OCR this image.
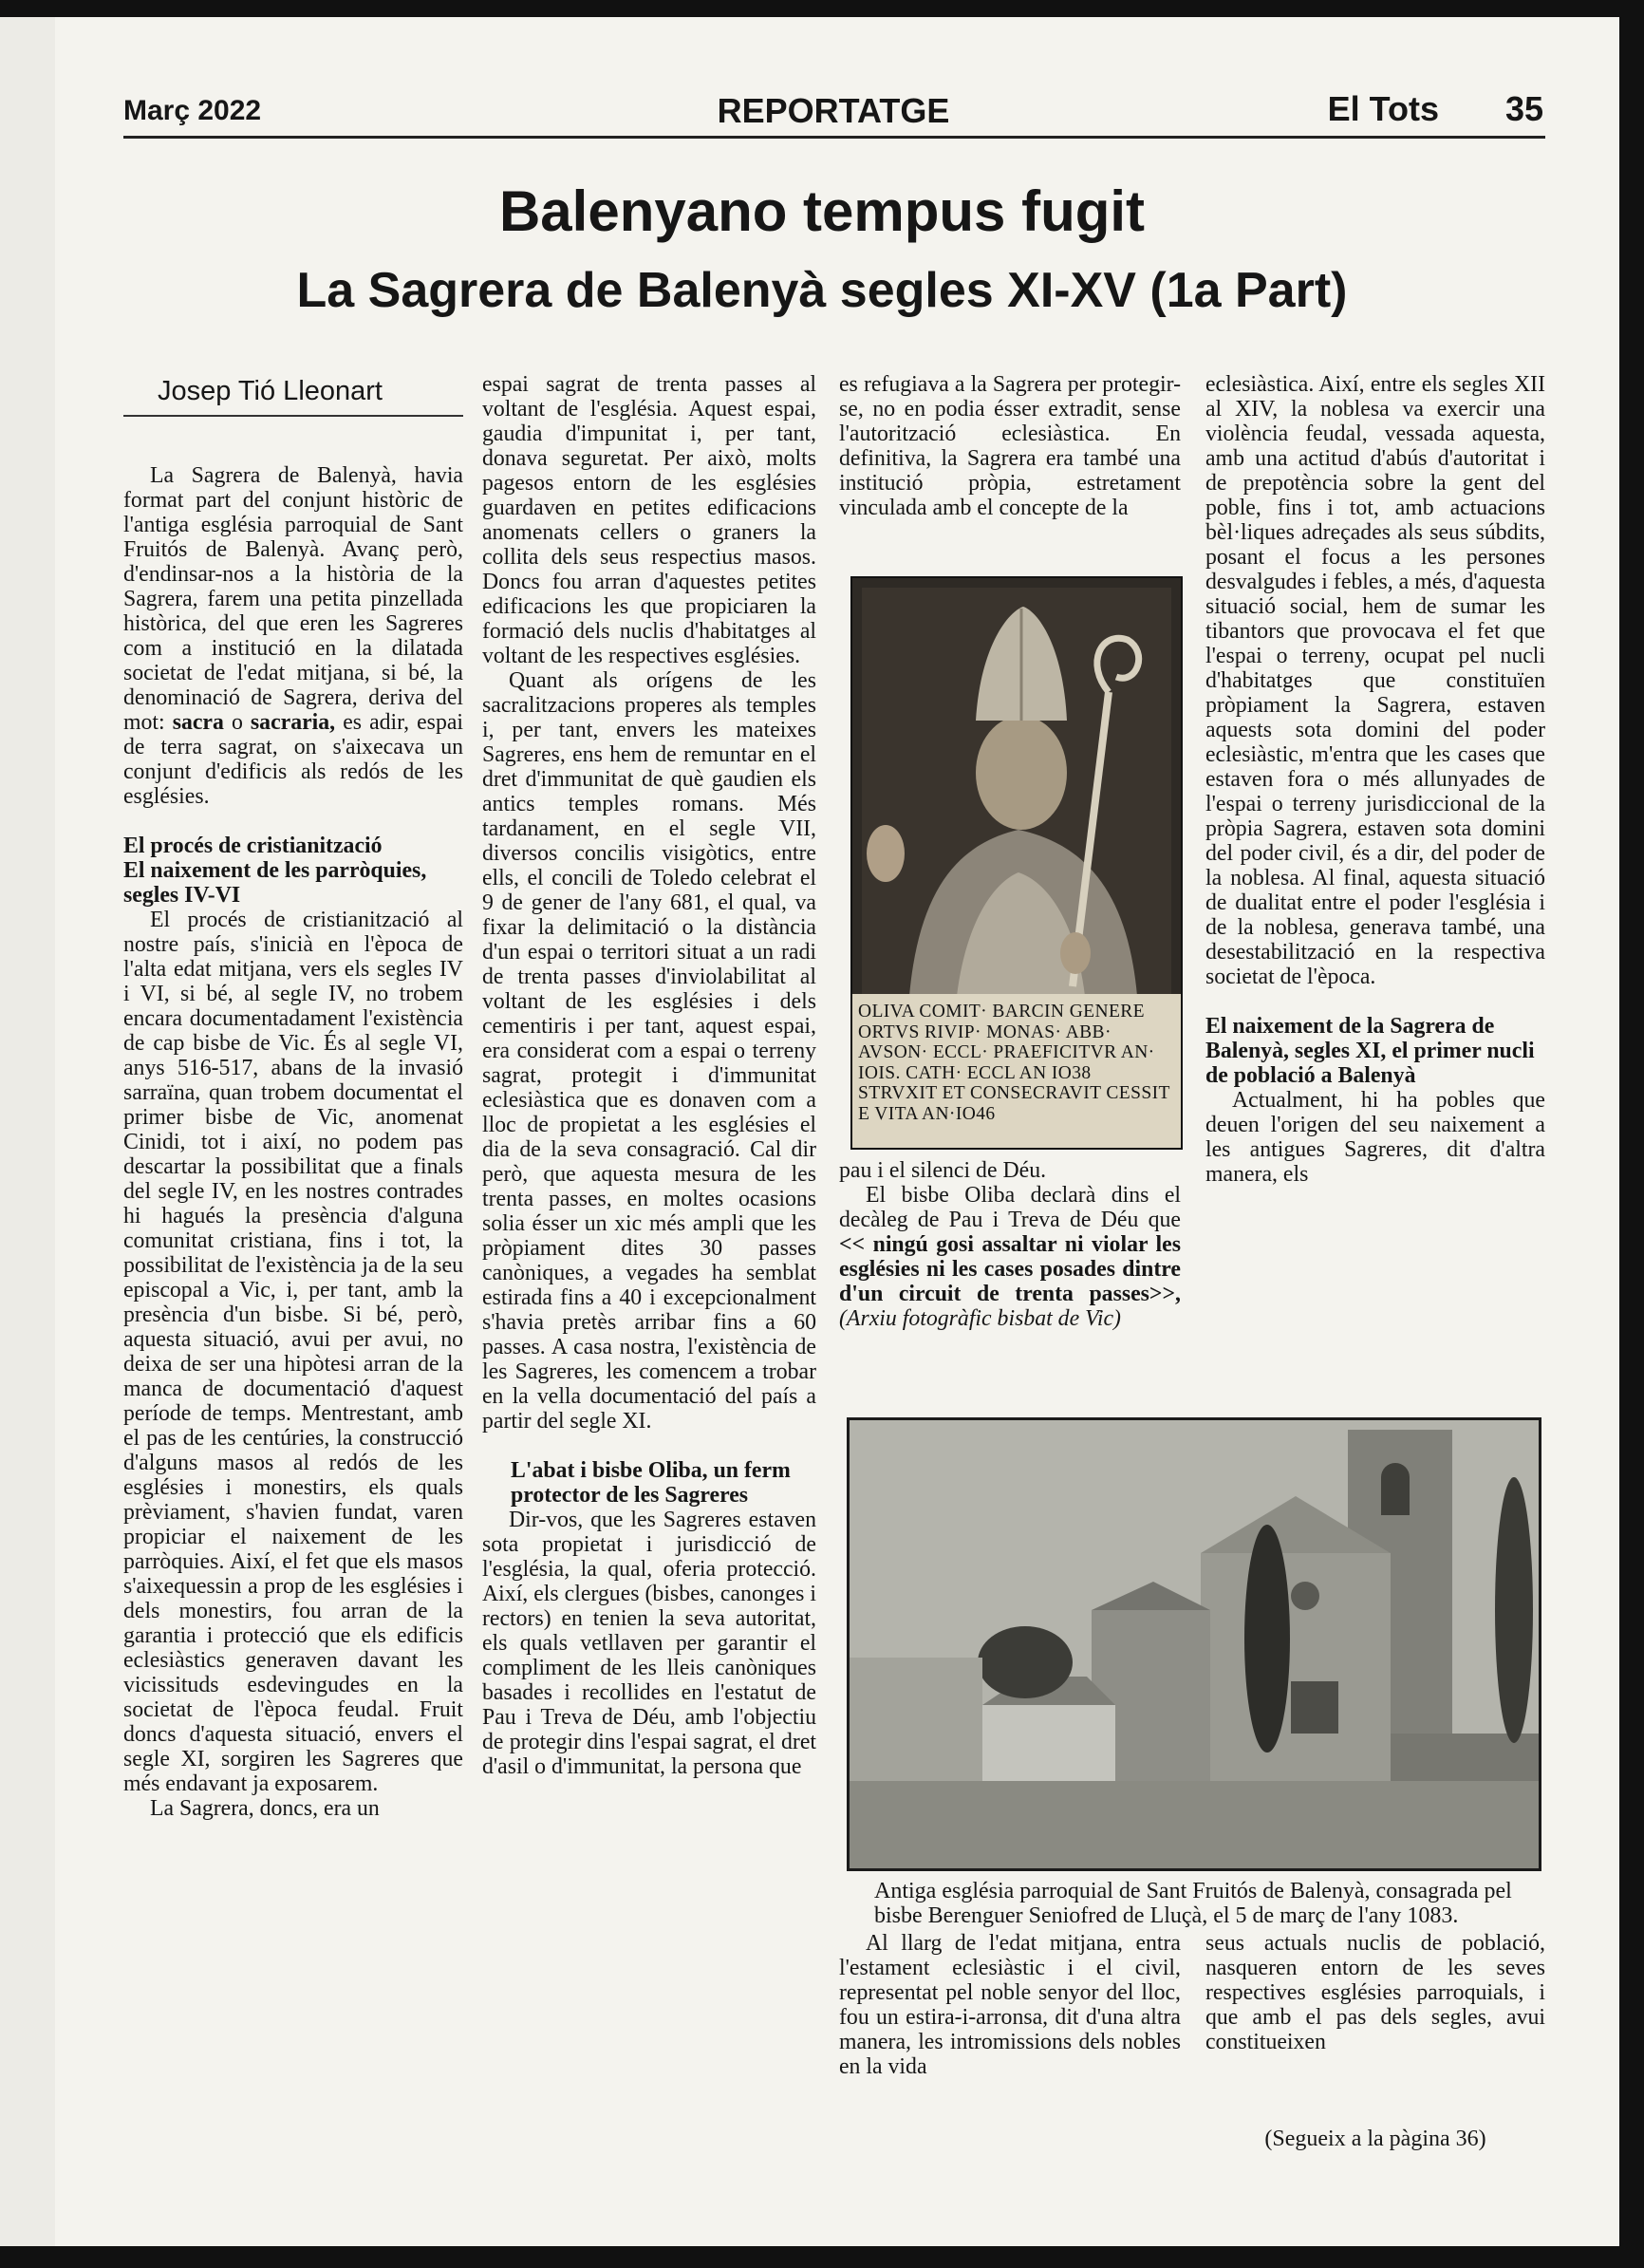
Març 2022	REPORTATGE	El Tots 35
Balenyano tempus fugit
La Sagrera de Balenyà segles XI-XV (1a Part)
Josep Tió Lleonart

La Sagrera de Balenyà, havia format part del conjunt històric de l'antiga església parroquial de Sant Fruitós de Balenyà. Avanç però, d'endinsar-nos a la història de la Sagrera, farem una petita pinzellada històrica, del que eren les Sagreres com a institució en la dilatada societat de l'edat mitjana, si bé, la denominació de Sagrera, deriva del mot: sacra o sacraria, es adir, espai de terra sagrat, on s'aixecava un conjunt d'edificis als redós de les esglésies.

El procés de cristianització
El naixement de les parròquies, segles IV-VI

El procés de cristianització al nostre país, s'inicià en l'època de l'alta edat mitjana, vers els segles IV i VI, si bé, al segle IV, no trobem encara documentadament l'existència de cap bisbe de Vic. És al segle VI, anys 516-517, abans de la invasió sarraïna, quan trobem documentat el primer bisbe de Vic, anomenat Cinidi, tot i així, no podem pas descartar la possibilitat que a finals del segle IV, en les nostres contrades hi hagués la presència d'alguna comunitat cristiana, fins i tot, la possibilitat de l'existència ja de la seu episcopal a Vic, i, per tant, amb la presència d'un bisbe. Si bé, però, aquesta situació, avui per avui, no deixa de ser una hipòtesi arran de la manca de documentació d'aquest període de temps. Mentrestant, amb el pas de les centúries, la construcció d'alguns masos al redós de les esglésies i monestirs, els quals prèviament, s'havien fundat, varen propiciar el naixement de les parròquies. Així, el fet que els masos s'aixequessin a prop de les esglésies i dels monestirs, fou arran de la garantia i protecció que els edificis eclesiàstics generaven davant les vicissituds esdevingudes en la societat de l'època feudal. Fruit doncs d'aquesta situació, envers el segle XI, sorgiren les Sagreres que més endavant ja exposarem.

La Sagrera, doncs, era un

espai sagrat de trenta passes al voltant de l'església. Aquest espai, gaudia d'impunitat i, per tant, donava seguretat. Per això, molts pagesos entorn de les esglésies guardaven en petites edificacions anomenats cellers o graners la collita dels seus respectius masos. Doncs fou arran d'aquestes petites edificacions les que propiciaren la formació dels nuclis d'habitatges al voltant de les respectives esglésies.

Quant als orígens de les sacralitzacions properes als temples i, per tant, envers les mateixes Sagreres, ens hem de remuntar en el dret d'immunitat de què gaudien els antics temples romans. Més tardanament, en el segle VII, diversos concilis visigòtics, entre ells, el concili de Toledo celebrat el 9 de gener de l'any 681, el qual, va fixar la delimitació o la distància d'un espai o territori situat a un radi de trenta passes d'inviolabilitat al voltant de les esglésies i dels cementiris i per tant, aquest espai, era considerat com a espai o terreny sagrat, protegit i d'immunitat eclesiàstica que es donaven com a lloc de propietat a les esglésies el dia de la seva consagració. Cal dir però, que aquesta mesura de les trenta passes, en moltes ocasions solia ésser un xic més ampli que les pròpiament dites 30 passes canòniques, a vegades ha semblat estirada fins a 40 i excepcionalment s'havia pretès arribar fins a 60 passes. A casa nostra, l'existència de les Sagreres, les comencem a trobar en la vella documentació del país a partir del segle XI.

L'abat i bisbe Oliba, un ferm protector de les Sagreres

Dir-vos, que les Sagreres estaven sota propietat i jurisdicció de l'església, la qual, oferia protecció. Així, els clergues (bisbes, canonges i rectors) en tenien la seva autoritat, els quals vetllaven per garantir el compliment de les lleis canòniques basades i recollides en l'estatut de Pau i Treva de Déu, amb l'objectiu de protegir dins l'espai sagrat, el dret d'asil o d'immunitat, la persona que

es refugiava a la Sagrera per protegir-se, no en podia ésser extradit, sense l'autorització eclesiàstica. En definitiva, la Sagrera era també una institució pròpia, estretament vinculada amb el concepte de la

OLIVA COMIT· BARCIN GENERE ORTVS RIVIP· MONAS· ABB· AVSON· ECCL· PRAEFICITVR AN· IOIS. CATH· ECCL AN IO38 STRVXIT ET CONSECRAVIT CESSIT E VITA AN·IO46

pau i el silenci de Déu.

El bisbe Oliba declarà dins el decàleg de Pau i Treva de Déu que << ningú gosi assaltar ni violar les esglésies ni les cases posades dintre d'un circuit de trenta passes>>, (Arxiu fotogràfic bisbat de Vic)

eclesiàstica. Així, entre els segles XII al XIV, la noblesa va exercir una violència feudal, vessada aquesta, amb una actitud d'abús d'autoritat i de prepotència sobre la gent del poble, fins i tot, amb actuacions bèl·liques adreçades als seus súbdits, posant el focus a les persones desvalgudes i febles, a més, d'aquesta situació social, hem de sumar les tibantors que provocava el fet que l'espai o terreny, ocupat pel nucli d'habitatges que constituïen pròpiament la Sagrera, estaven aquests sota domini del poder eclesiàstic, m'entra que les cases que estaven fora o més allunyades de l'espai o terreny jurisdiccional de la pròpia Sagrera, estaven sota domini del poder civil, és a dir, del poder de la noblesa. Al final, aquesta situació de dualitat entre el poder l'església i de la noblesa, generava també, una desestabilització en la respectiva societat de l'època.

El naixement de la Sagrera de Balenyà, segles XI, el primer nucli de població a Balenyà

Actualment, hi ha pobles que deuen l'origen del seu naixement a les antigues Sagreres, dit d'altra manera, els

Antiga església parroquial de Sant Fruitós de Balenyà, consagrada pel bisbe Berenguer Seniofred de Lluçà, el 5 de març de l'any 1083.

Al llarg de l'edat mitjana, entra l'estament eclesiàstic i el civil, representat pel noble senyor del lloc, fou un estira-i-arronsa, dit d'una altra manera, les intromissions dels nobles en la vida

seus actuals nuclis de població, nasqueren entorn de les seves respectives esglésies parroquials, i que amb el pas dels segles, avui constitueixen

(Segueix a la pàgina 36)
